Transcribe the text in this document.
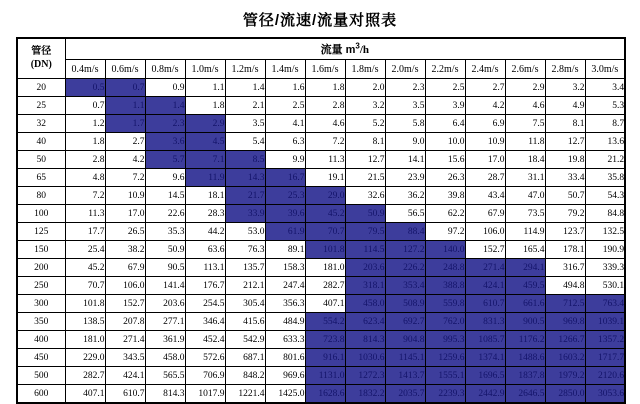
管径/流速/流量对照表
管径
(DN)	流量 $m^3/h$													
	0.4m/s	0.6m/s	0.8m/s	1.0m/s	1.2m/s	1.4m/s	1.6m/s	1.8m/s	2.0m/s	2.2m/s	2.4m/s	2.6m/s	2.8m/s	3.0m/s
20	0.5	0.7	0.9	1.1	1.4	1.6	1.8	2.0	2.3	2.5	2.7	2.9	3.2	3.4
25	0.7	1.1	1.4	1.8	2.1	2.5	2.8	3.2	3.5	3.9	4.2	4.6	4.9	5.3
32	1.2	1.7	2.3	2.9	3.5	4.1	4.6	5.2	5.8	6.4	6.9	7.5	8.1	8.7
40	1.8	2.7	3.6	4.5	5.4	6.3	7.2	8.1	9.0	10.0	10.9	11.8	12.7	13.6
50	2.8	4.2	5.7	7.1	8.5	9.9	11.3	12.7	14.1	15.6	17.0	18.4	19.8	21.2
65	4.8	7.2	9.6	11.9	14.3	16.7	19.1	21.5	23.9	26.3	28.7	31.1	33.4	35.8
80	7.2	10.9	14.5	18.1	21.7	25.3	29.0	32.6	36.2	39.8	43.4	47.0	50.7	54.3
100	11.3	17.0	22.6	28.3	33.9	39.6	45.2	50.9	56.5	62.2	67.9	73.5	79.2	84.8
125	17.7	26.5	35.3	44.2	53.0	61.9	70.7	79.5	88.4	97.2	106.0	114.9	123.7	132.5
150	25.4	38.2	50.9	63.6	76.3	89.1	101.8	114.5	127.2	140.0	152.7	165.4	178.1	190.9
200	45.2	67.9	90.5	113.1	135.7	158.3	181.0	203.6	226.2	248.8	271.4	294.1	316.7	339.3
250	70.7	106.0	141.4	176.7	212.1	247.4	282.7	318.1	353.4	388.8	424.1	459.5	494.8	530.1
300	101.8	152.7	203.6	254.5	305.4	356.3	407.1	458.0	508.9	559.8	610.7	661.6	712.5	763.4
350	138.5	207.8	277.1	346.4	415.6	484.9	554.2	623.4	692.7	762.0	831.3	900.5	969.8	1039.1
400	181.0	271.4	361.9	452.4	542.9	633.3	723.8	814.3	904.8	995.3	1085.7	1176.2	1266.7	1357.2
450	229.0	343.5	458.0	572.6	687.1	801.6	916.1	1030.6	1145.1	1259.6	1374.1	1488.6	1603.2	1717.7
500	282.7	424.1	565.5	706.9	848.2	969.6	1131.0	1272.3	1413.7	1555.1	1696.5	1837.8	1979.2	2120.6
600	407.1	610.7	814.3	1017.9	1221.4	1425.0	1628.6	1832.2	2035.7	2239.3	2442.9	2646.5	2850.0	3053.6
